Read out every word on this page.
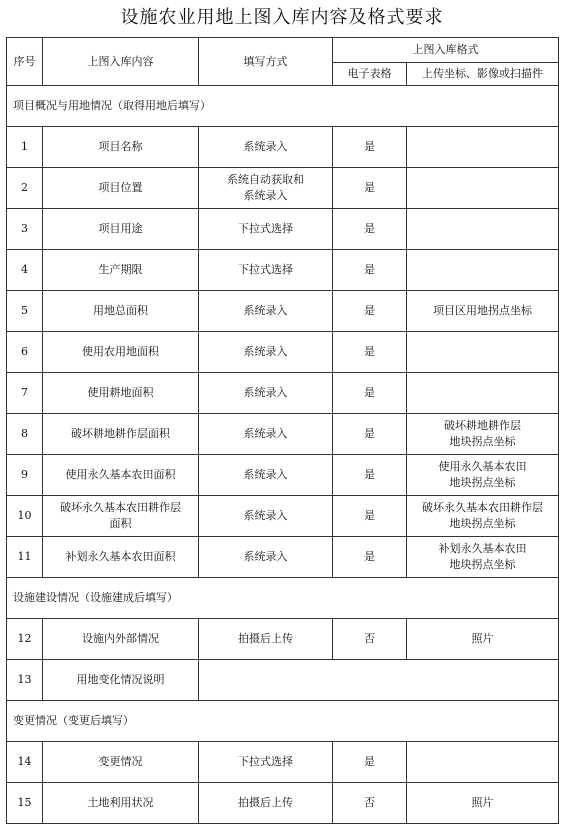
设施农业用地上图入库内容及格式要求
序号	上图入库内容	填写方式	上图入库格式	
			电子表格	上传坐标、影像或扫描件

项目概况与用地情况（取得用地后填写）				

1	项目名称	系统录入	是	

2	项目位置	系统自动获取和
系统录入	是	

3	项目用途	下拉式选择	是	

4	生产期限	下拉式选择	是	

5	用地总面积	系统录入	是	项目区用地拐点坐标

6	使用农用地面积	系统录入	是	

7	使用耕地面积	系统录入	是	

8	破坏耕地耕作层面积	系统录入	是	破坏耕地耕作层
地块拐点坐标

9	使用永久基本农田面积	系统录入	是	使用永久基本农田
地块拐点坐标

10	破坏永久基本农田耕作层
面积	系统录入	是	破坏永久基本农田耕作层
地块拐点坐标

11	补划永久基本农田面积	系统录入	是	补划永久基本农田
地块拐点坐标

设施建设情况（设施建成后填写）				

12	设施内外部情况	拍摄后上传	否	照片

13	用地变化情况说明			

变更情况（变更后填写）				

14	变更情况	下拉式选择	是	

15	土地利用状况	拍摄后上传	否	照片
